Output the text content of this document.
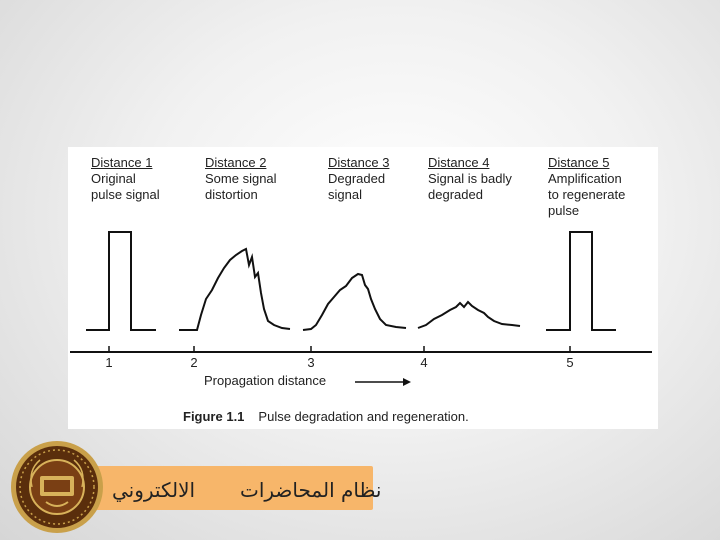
1	2	3	4	5
Propagation distance
Distance 1
Original
pulse signal
Distance 2
Some signal
distortion
Distance 3
Degraded
signal
Distance 4
Signal is badly
degraded
Distance 5
Amplification
to regenerate
pulse
Figure 1.1 Pulse degradation and regeneration.
الالكتروني نظام المحاضرات
